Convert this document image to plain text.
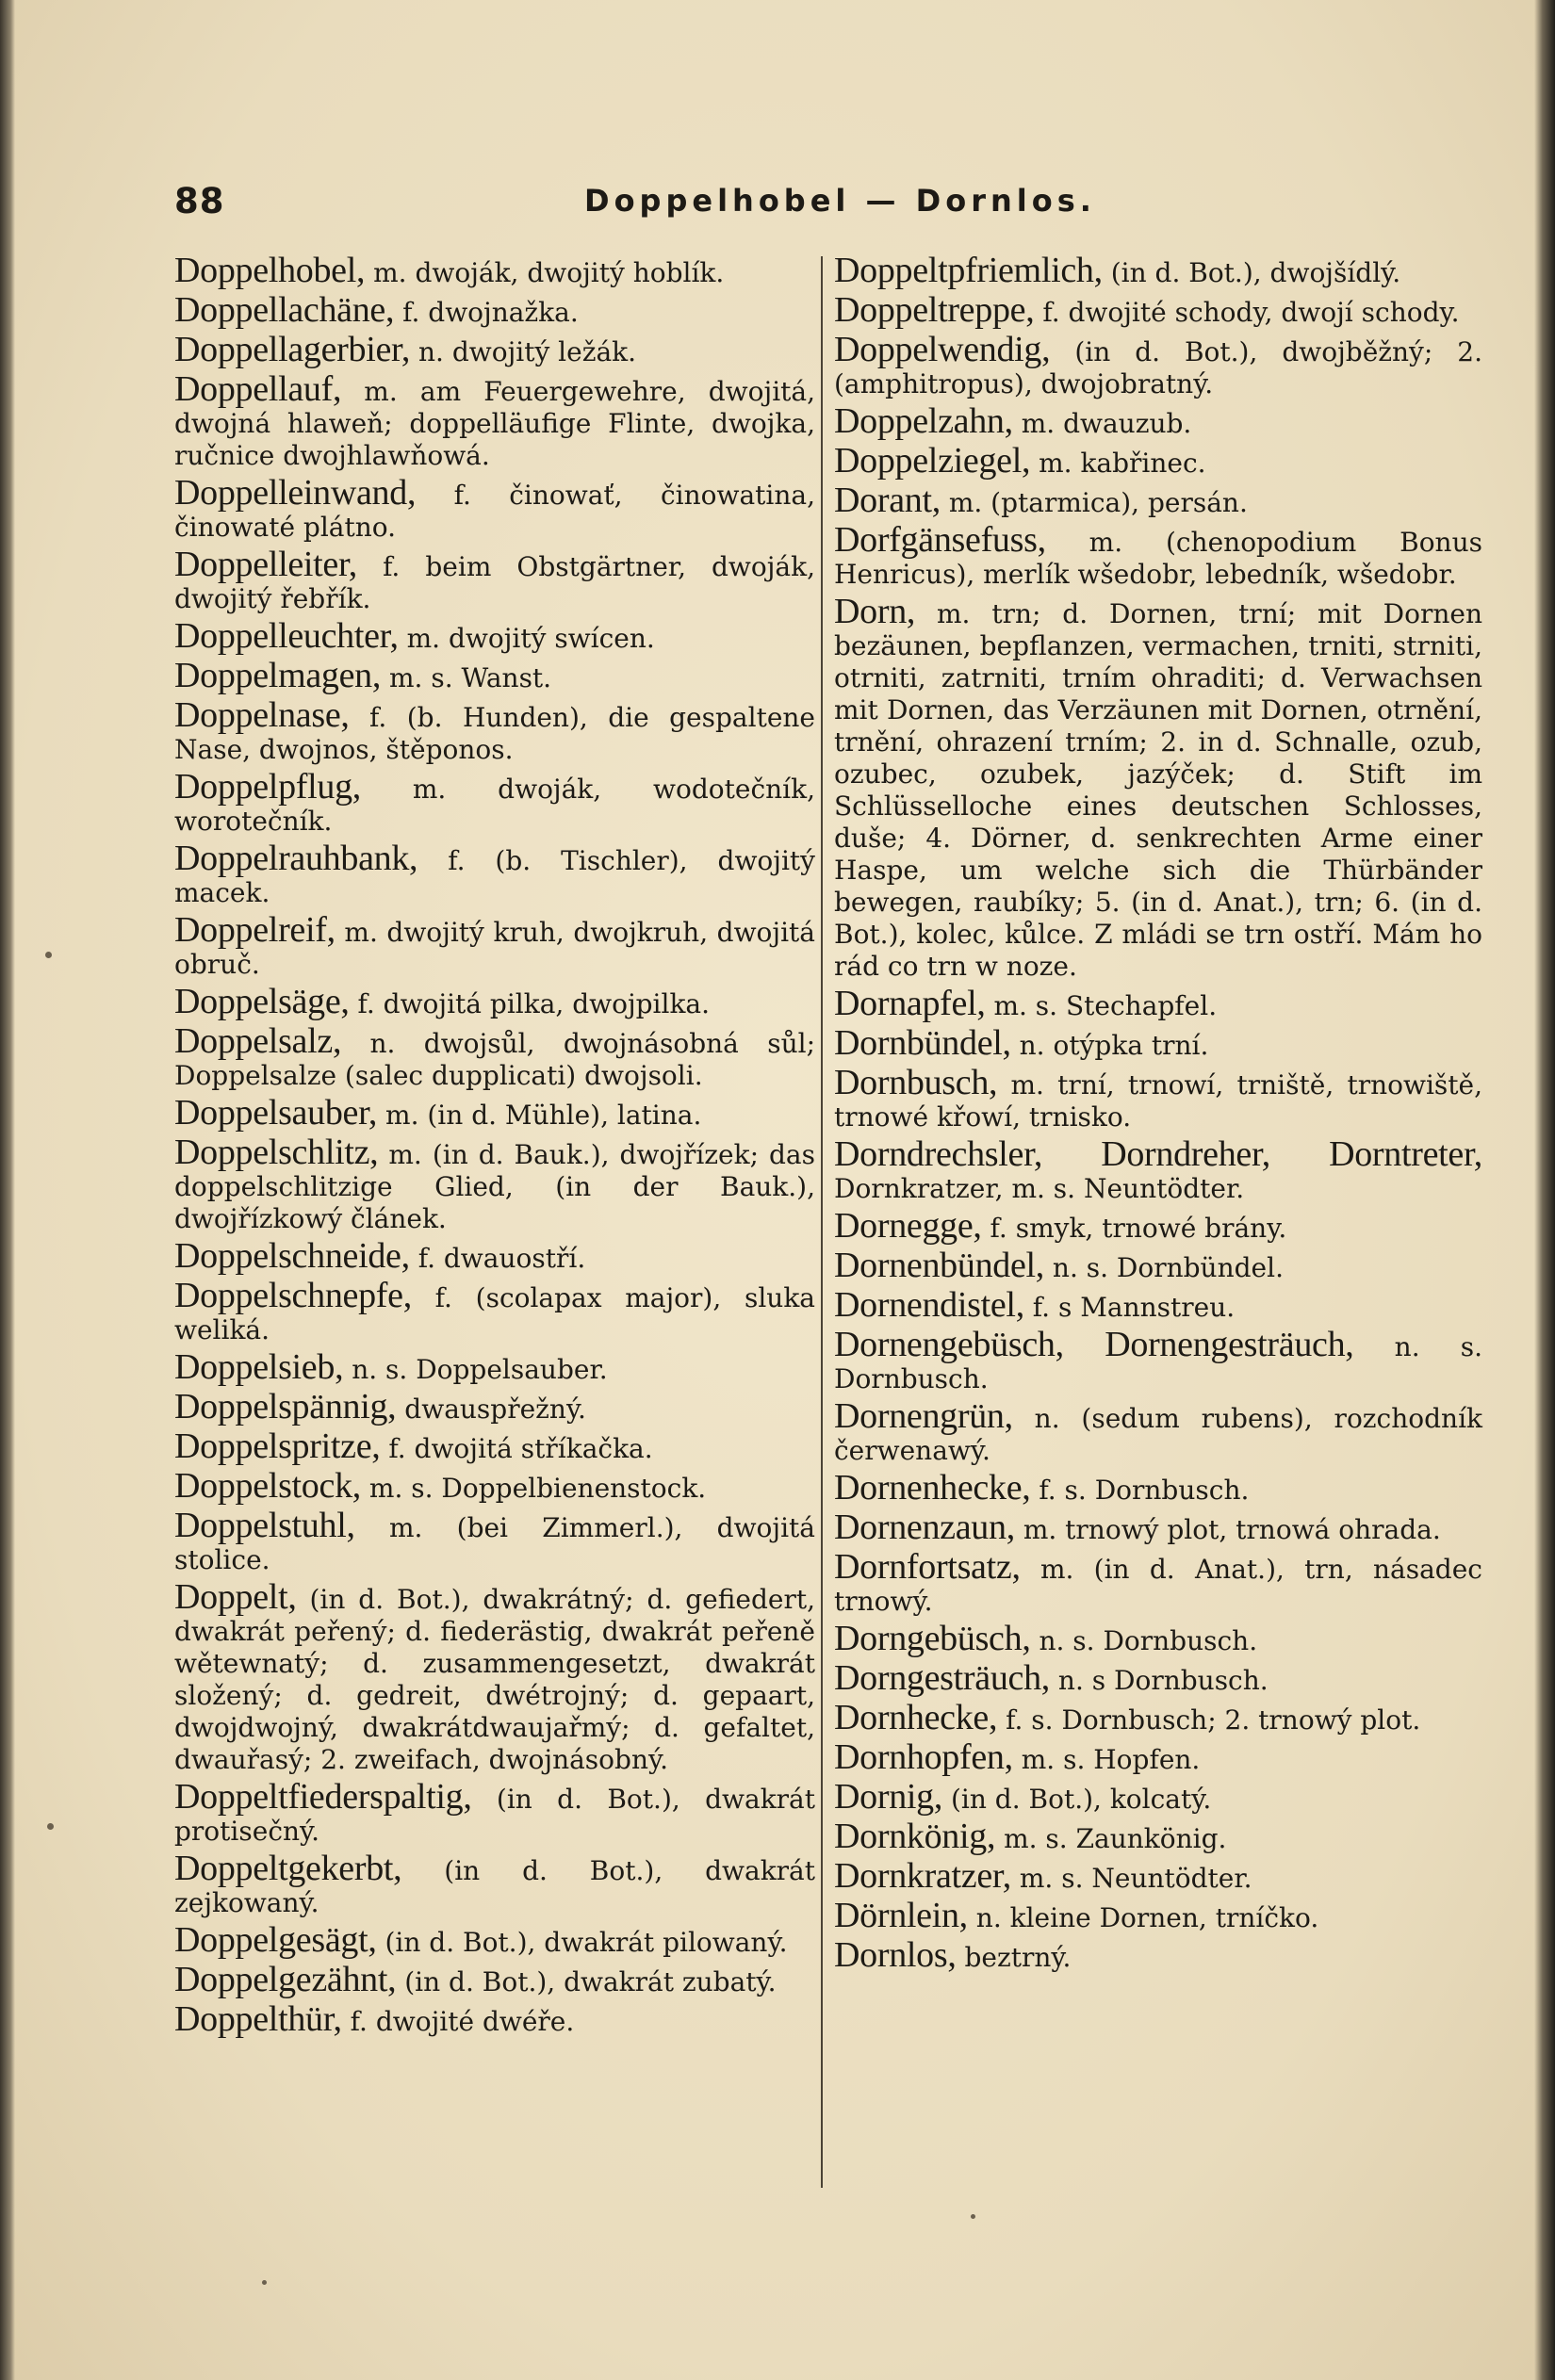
88	Doppelhobel — Dornlos.
Doppelhobel, m. dwoják, dwojitý hoblík.
Doppellachäne, f. dwojnažka.
Doppellagerbier, n. dwojitý ležák.
Doppellauf, m. am Feuergewehre, dwojitá, dwojná hlaweň; doppelläufige Flinte, dwojka, ručnice dwojhlawňowá.
Doppelleinwand, f. činowať, činowatina, činowaté plátno.
Doppelleiter, f. beim Obstgärtner, dwoják, dwojitý řebřík.
Doppelleuchter, m. dwojitý swícen.
Doppelmagen, m. s. Wanst.
Doppelnase, f. (b. Hunden), die gespaltene Nase, dwojnos, štěponos.
Doppelpflug, m. dwoják, wodotečník, worotečník.
Doppelrauhbank, f. (b. Tischler), dwojitý macek.
Doppelreif, m. dwojitý kruh, dwojkruh, dwojitá obruč.
Doppelsäge, f. dwojitá pilka, dwojpilka.
Doppelsalz, n. dwojsůl, dwojnásobná sůl; Doppelsalze (salec dupplicati) dwojsoli.
Doppelsauber, m. (in d. Mühle), latina.
Doppelschlitz, m. (in d. Bauk.), dwojřízek; das doppelschlitzige Glied, (in der Bauk.), dwojřízkowý článek.
Doppelschneide, f. dwauostří.
Doppelschnepfe, f. (scolapax major), sluka weliká.
Doppelsieb, n. s. Doppelsauber.
Doppelspännig, dwauspřežný.
Doppelspritze, f. dwojitá stříkačka.
Doppelstock, m. s. Doppelbienenstock.
Doppelstuhl, m. (bei Zimmerl.), dwojitá stolice.
Doppelt, (in d. Bot.), dwakrátný; d. gefiedert, dwakrát peřený; d. fiederästig, dwakrát peřeně wětewnatý; d. zusammengesetzt, dwakrát složený; d. gedreit, dwétrojný; d. gepaart, dwojdwojný, dwakrátdwaujařmý; d. gefaltet, dwauřasý; 2. zweifach, dwojnásobný.
Doppeltfiederspaltig, (in d. Bot.), dwakrát protisečný.
Doppeltgekerbt, (in d. Bot.), dwakrát zejkowaný.
Doppelgesägt, (in d. Bot.), dwakrát pilowaný.
Doppelgezähnt, (in d. Bot.), dwakrát zubatý.
Doppelthür, f. dwojité dwéře.
Doppeltpfriemlich, (in d. Bot.), dwojšídlý.
Doppeltreppe, f. dwojité schody, dwojí schody.
Doppelwendig, (in d. Bot.), dwojběžný; 2. (amphitropus), dwojobratný.
Doppelzahn, m. dwauzub.
Doppelziegel, m. kabřinec.
Dorant, m. (ptarmica), persán.
Dorfgänsefuss, m. (chenopodium Bonus Henricus), merlík wšedobr, lebedník, wšedobr.
Dorn, m. trn; d. Dornen, trní; mit Dornen bezäunen, bepflanzen, vermachen, trniti, strniti, otrniti, zatrniti, trním ohraditi; d. Verwachsen mit Dornen, das Verzäunen mit Dornen, otrnění, trnění, ohrazení trním; 2. in d. Schnalle, ozub, ozubec, ozubek, jazýček; d. Stift im Schlüsselloche eines deutschen Schlosses, duše; 4. Dörner, d. senkrechten Arme einer Haspe, um welche sich die Thürbänder bewegen, raubíky; 5. (in d. Anat.), trn; 6. (in d. Bot.), kolec, kůlce. Z mládi se trn ostří. Mám ho rád co trn w noze.
Dornapfel, m. s. Stechapfel.
Dornbündel, n. otýpka trní.
Dornbusch, m. trní, trnowí, trniště, trnowiště, trnowé křowí, trnisko.
Dorndrechsler, Dorndreher, Dorntreter, Dornkratzer, m. s. Neuntödter.
Dornegge, f. smyk, trnowé brány.
Dornenbündel, n. s. Dornbündel.
Dornendistel, f. s Mannstreu.
Dornengebüsch, Dornengesträuch, n. s. Dornbusch.
Dornengrün, n. (sedum rubens), rozchodník čerwenawý.
Dornenhecke, f. s. Dornbusch.
Dornenzaun, m. trnowý plot, trnowá ohrada.
Dornfortsatz, m. (in d. Anat.), trn, násadec trnowý.
Dorngebüsch, n. s. Dornbusch.
Dorngesträuch, n. s Dornbusch.
Dornhecke, f. s. Dornbusch; 2. trnowý plot.
Dornhopfen, m. s. Hopfen.
Dornig, (in d. Bot.), kolcatý.
Dornkönig, m. s. Zaunkönig.
Dornkratzer, m. s. Neuntödter.
Dörnlein, n. kleine Dornen, trníčko.
Dornlos, beztrný.
